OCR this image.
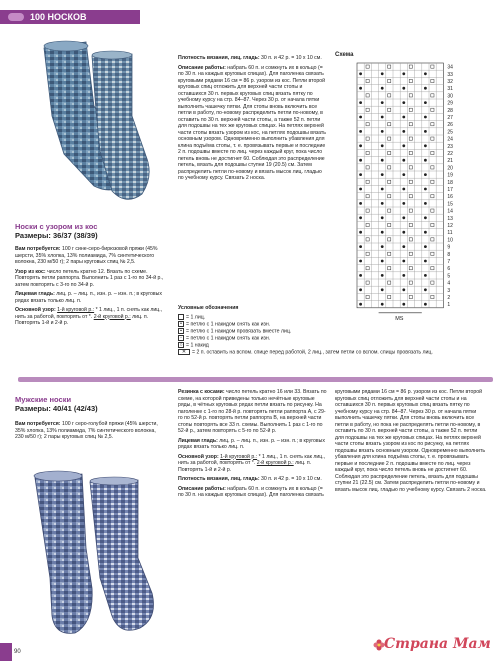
100 НОСКОВ
Носки с узором из кос
Размеры: 36/37 (38/39)
Вам потребуется: 100 г сине-серо-бирюзовой пряжи (45% шерсти, 35% хлопка, 13% полиамида, 7% синтетического волокна, 230 м/50 г); 2 пары круговых спиц № 2,5.
Узор из кос: число петель кратно 12. Вязать по схеме. Повторять петли раппорта. Выполнить 1 раз с 1-го по 34-й р., затем повторять с 3-го по 34-й р.
Лицевая гладь: лиц. р. – лиц. п., изн. р. – изн. п.; в круговых рядах вязать только лиц. п.
Основной узор: 1-й круговой р.: * 1 лиц., 1 п. снять как лиц., нить за работой, повторять от *. 2-й круговой р.: лиц. п. Повторять 1-й и 2-й р.
Плотность вязания, лиц. гладь: 30 п. и 42 р. = 10 х 10 см.
Описание работы: набрать 60 п. и сомкнуть их в кольцо (= по 30 п. на каждых круговых спицах). Для паголенка связать круговыми рядами 16 см = 86 р. узором из кос. Петли второй круговых спиц отложить для верхней части стопы и оставшихся 30 п. первых круговых спиц вязать пятку по учебному курсу на стр. 84–87. Через 30 р. от начала пятки выполнить чашечку пятки. Для стопы вновь включить все петли в работу, по-новому распределить петли по-новому, в оставить по 30 п. верхней части стопы, а также 52 п. петли для подошвы на тех же круговых спицах. На петлях верхней части стопы вязать узором из кос, на петлях подошвы вязать основным узором. Одновременно выполнить убавления для клина подъёма стопы, т. е. провязывать первые и последние 2 п. подошвы вместе по лиц. через каждый круг, пока число петель вновь не достигнет 60. Соблюдая это распределение петель, вязать для подошвы ступни 19 (20.5) см. Затем распределить петли по-новому и вязать мысок лиц. гладью по учебному курсу. Связать 2 носка.
Условные обозначения
= 1 лиц.
• = петлю с 1 накидом снять как изн.
▪ = петлю с 1 накидом провязать вместе лиц.
◦ = петлю с 1 накидом снять как изн.
○ = 1 накид
✕ = 2 п. оставить на вспом. спице перед работой, 2 лиц., затем петли со вспом. спицы провязать лиц.
Схема
34
33
32
31
30
29
28
27
26
25
24
23
22
21
20
19
18
17
16
15
14
13
12
11
10
9
8
7
6
5
4
3
2
1
MS
Мужские носки
Размеры: 40/41 (42/43)
Вам потребуется: 100 г серо-голубой пряжи (45% шерсти, 35% хлопка, 13% полиамида, 7% синтетического волокна, 230 м/50 г); 2 пары круговых спиц № 2,5.
Резинка с косами: число петель кратно 16 или 33. Вязать по схеме, на которой приведены только нечётные круговые ряды, в чётных круговых рядах петли вязать по рисунку. На паголенке с 1-го по 28-й р. повторять петли раппорта А, с 29-го по 52-й р. повторять петли раппорта В, на верхней части стопы повторять все 33 п. схемы. Выполнить 1 раз с 1-го по 52-й р., затем повторять с 5-го по 52-й р.
Лицевая гладь: лиц. р. – лиц. п., изн. р. – изн. п.; в круговых рядах вязать только лиц. п.
Основной узор: 1-й круговой р.: * 1 лиц., 1 п. снять как лиц., нить за работой, повторять от *. 2-й круговой р.: лиц. п. Повторять 1-й и 2-й р.
Плотность вязания, лиц. гладь: 30 п. и 42 р. = 10 х 10 см.
Описание работы: набрать 60 п. и сомкнуть их в кольцо (= по 30 п. на каждых круговых спицах). Для паголенка связать
круговыми рядами 16 см = 86 р. узором из кос. Петли второй круговых спиц отложить для верхней части стопы и на оставшихся 30 п. первых круговых спиц вязать пятку по учебному курсу на стр. 84–87. Через 30 р. от начала пятки выполнить чашечку пятки. Для стопы вновь включить все петли в работу, но пока не распределять петли по-новому, в оставить по 30 п. верхней части стопы, а также 52 п. петли для подошвы на тех же круговых спицах. На петлях верхней части стопы вязать узором из кос по рисунку, на петлях подошвы вязать основным узором. Одновременно выполнить убавления для клина подъёма стопы, т. е. провязывать первые и последние 2 п. подошвы вместе по лиц. через каждый круг, пока число петель вновь не достигнет 60. Соблюдая это распределение петель, вязать для подошвы ступни 21 (22.5) см. Затем распределить петли по-новому и вязать мысок лиц. гладью по учебному курсу. Связать 2 носка.
90	Страна Мам
